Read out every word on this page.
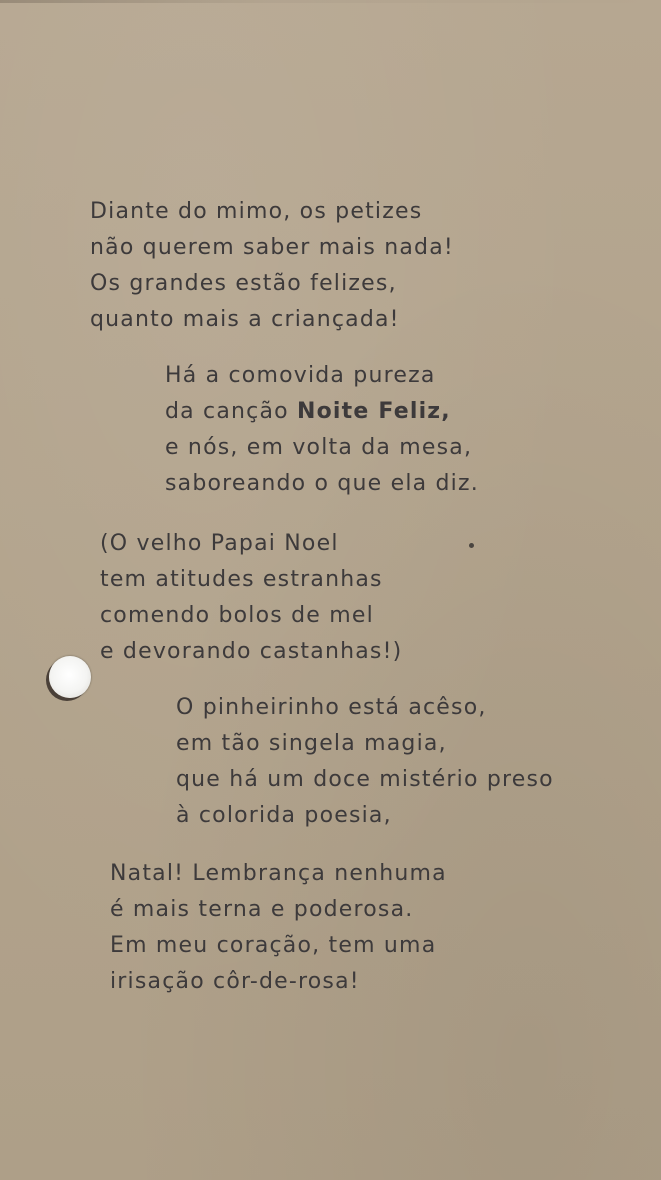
Diante do mimo, os petizes
não querem saber mais nada!
Os grandes estão felizes,
quanto mais a criançada!
Há a comovida pureza
da canção Noite Feliz,
e nós, em volta da mesa,
saboreando o que ela diz.
(O velho Papai Noel
tem atitudes estranhas
comendo bolos de mel
e devorando castanhas!)
O pinheirinho está acêso,
em tão singela magia,
que há um doce mistério preso
à colorida poesia,
Natal! Lembrança nenhuma
é mais terna e poderosa.
Em meu coração, tem uma
irisação côr-de-rosa!
